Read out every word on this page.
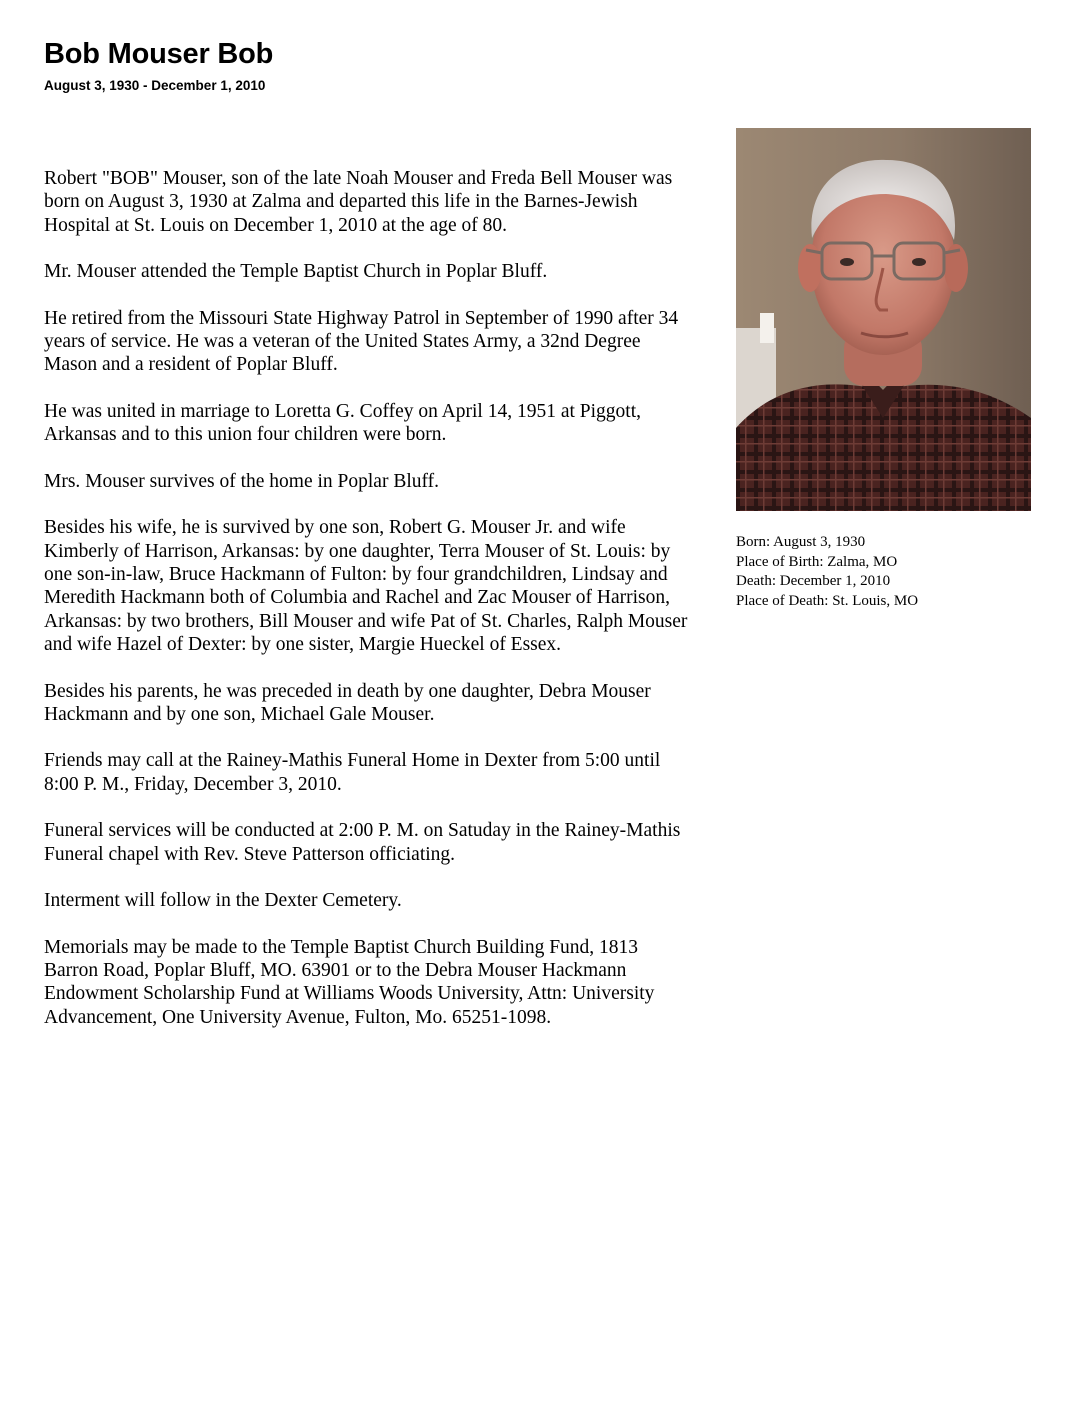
Bob Mouser Bob
August 3, 1930 - December 1, 2010

Robert "BOB" Mouser, son of the late Noah Mouser and Freda Bell Mouser was born on August 3, 1930 at Zalma and departed this life in the Barnes-Jewish Hospital at St. Louis on December 1, 2010 at the age of 80.

Mr. Mouser attended the Temple Baptist Church in Poplar Bluff.

He retired from the Missouri State Highway Patrol in September of 1990 after 34 years of service. He was a veteran of the United States Army, a 32nd Degree Mason and a resident of Poplar Bluff.

He was united in marriage to Loretta G. Coffey on April 14, 1951 at Piggott, Arkansas and to this union four children were born.

Mrs. Mouser survives of the home in Poplar Bluff.

Besides his wife, he is survived by one son, Robert G. Mouser Jr. and wife Kimberly of Harrison, Arkansas: by one daughter, Terra Mouser of St. Louis: by one son-in-law, Bruce Hackmann of Fulton: by four grandchildren, Lindsay and Meredith Hackmann both of Columbia and Rachel and Zac Mouser of Harrison, Arkansas: by two brothers, Bill Mouser and wife Pat of St. Charles, Ralph Mouser and wife Hazel of Dexter: by one sister, Margie Hueckel of Essex.

Besides his parents, he was preceded in death by one daughter, Debra Mouser Hackmann and by one son, Michael Gale Mouser.

Friends may call at the Rainey-Mathis Funeral Home in Dexter from 5:00 until 8:00 P. M., Friday, December 3, 2010.

Funeral services will be conducted at 2:00 P. M. on Satuday in the Rainey-Mathis Funeral chapel with Rev. Steve Patterson officiating.

Interment will follow in the Dexter Cemetery.

Memorials may be made to the Temple Baptist Church Building Fund, 1813 Barron Road, Poplar Bluff, MO. 63901 or to the Debra Mouser Hackmann Endowment Scholarship Fund at Williams Woods University, Attn: University Advancement, One University Avenue, Fulton, Mo. 65251-1098.

Born: August 3, 1930
Place of Birth: Zalma, MO
Death: December 1, 2010
Place of Death: St. Louis, MO
